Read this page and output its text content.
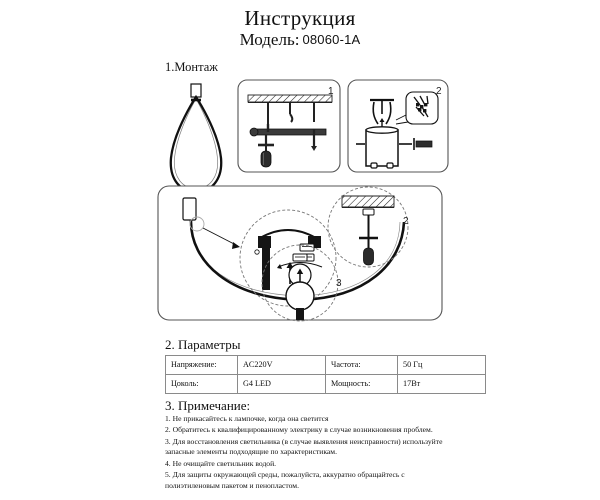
Инструкция
Модель: 08060-1A
1.Монтаж
1	2
2
3
2. Параметры
Напряжение:	AC220V	Частота:	50 Гц
Цоколь:	G4 LED	Мощность:	17Вт
3. Примечание:

1. Не прикасайтесь к лампочке, когда она светится

2. Обратитесь к квалифицированному электрику в случае возникновения проблем.

3. Для восстановления светильника (в случае выявления неисправности) используйте запасные элементы подходящие по характеристикам.

4. Не очищайте светильник водой.

5. Для защиты окружающей среды, пожалуйста, аккуратно обращайтесь с полиэтиленовым пакетом и пенопластом.
